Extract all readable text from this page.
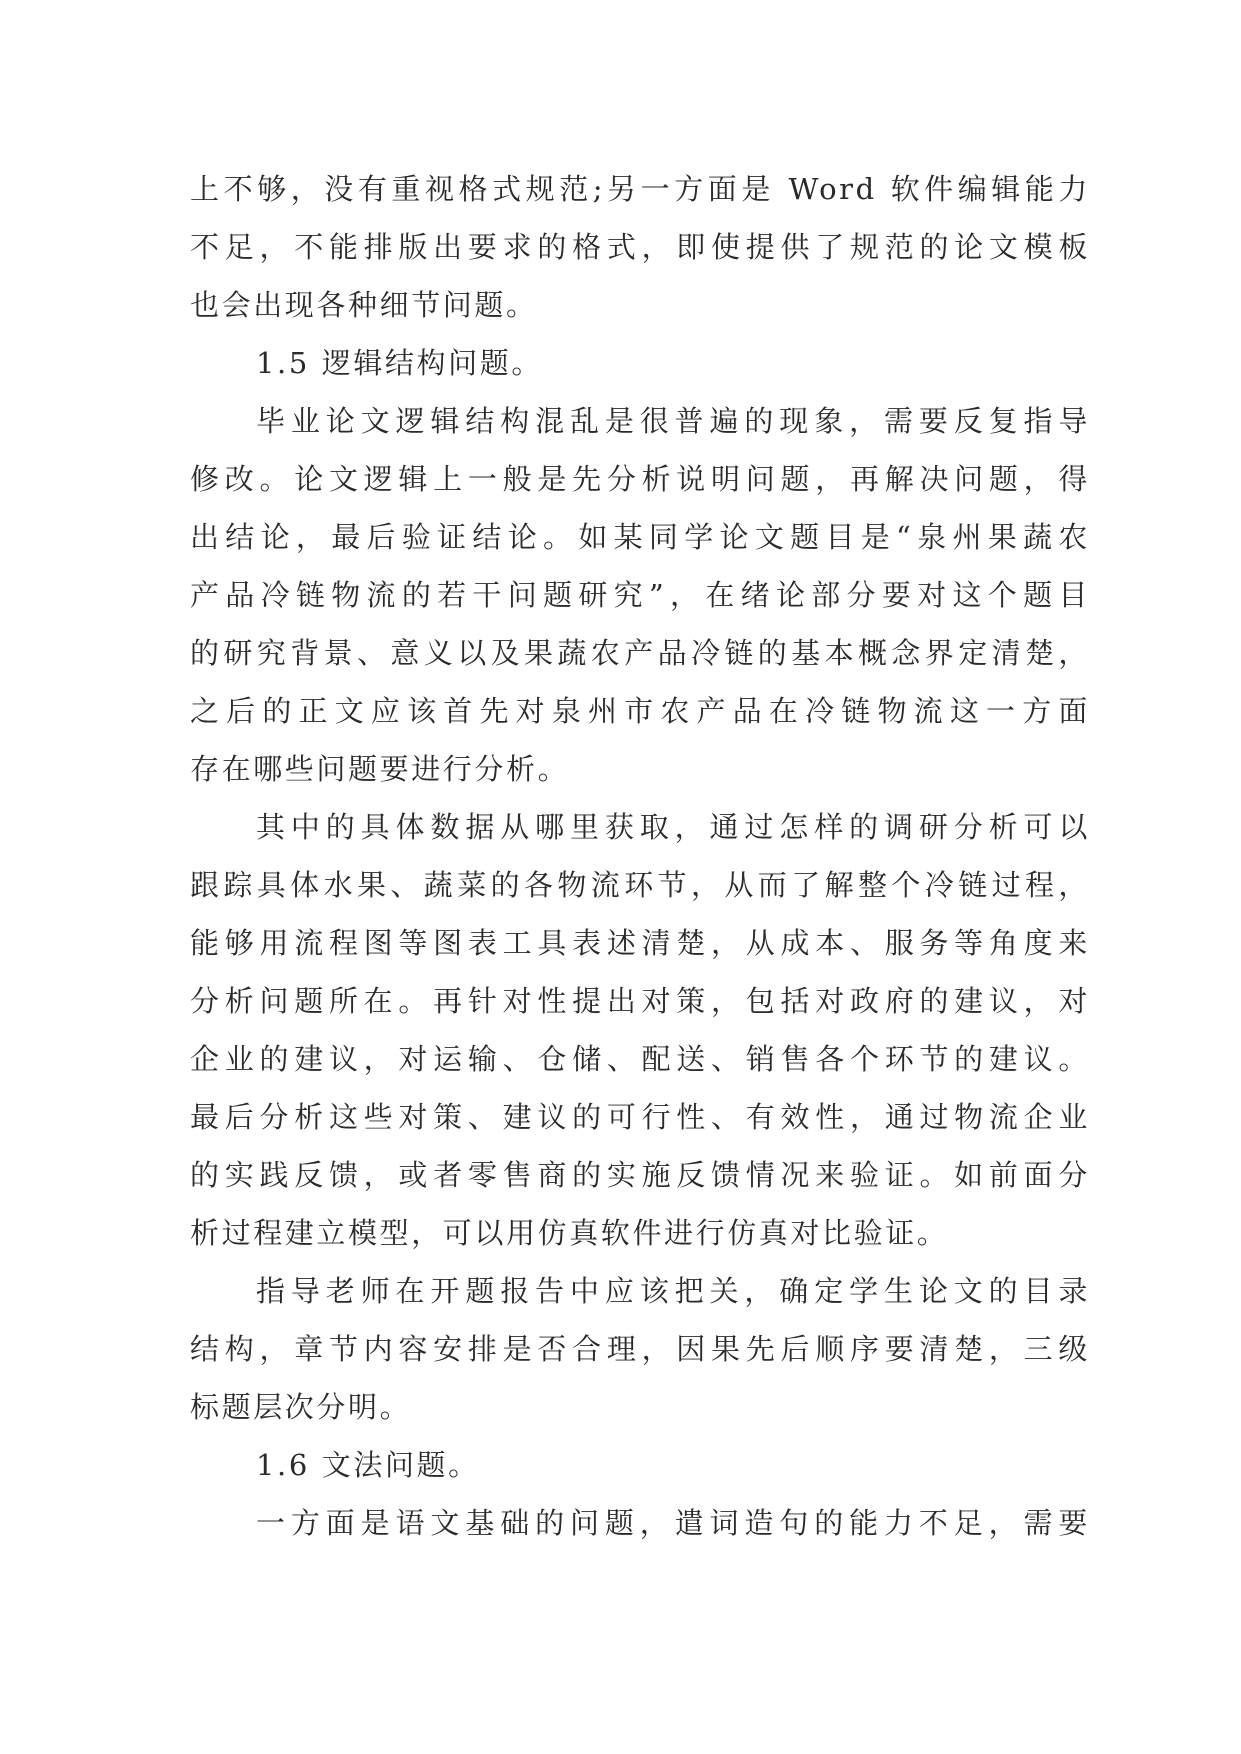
上不够，没有重视格式规范;另一方面是 Word 软件编辑能力
不足，不能排版出要求的格式，即使提供了规范的论文模板
也会出现各种细节问题。
1.5 逻辑结构问题。
毕业论文逻辑结构混乱是很普遍的现象，需要反复指导
修改。论文逻辑上一般是先分析说明问题，再解决问题，得
出结论，最后验证结论。如某同学论文题目是“泉州果蔬农
产品冷链物流的若干问题研究”，在绪论部分要对这个题目
的研究背景、意义以及果蔬农产品冷链的基本概念界定清楚，
之后的正文应该首先对泉州市农产品在冷链物流这一方面
存在哪些问题要进行分析。
其中的具体数据从哪里获取，通过怎样的调研分析可以
跟踪具体水果、蔬菜的各物流环节，从而了解整个冷链过程，
能够用流程图等图表工具表述清楚，从成本、服务等角度来
分析问题所在。再针对性提出对策，包括对政府的建议，对
企业的建议，对运输、仓储、配送、销售各个环节的建议。
最后分析这些对策、建议的可行性、有效性，通过物流企业
的实践反馈，或者零售商的实施反馈情况来验证。如前面分
析过程建立模型，可以用仿真软件进行仿真对比验证。
指导老师在开题报告中应该把关，确定学生论文的目录
结构，章节内容安排是否合理，因果先后顺序要清楚，三级
标题层次分明。
1.6 文法问题。
一方面是语文基础的问题，遣词造句的能力不足，需要
